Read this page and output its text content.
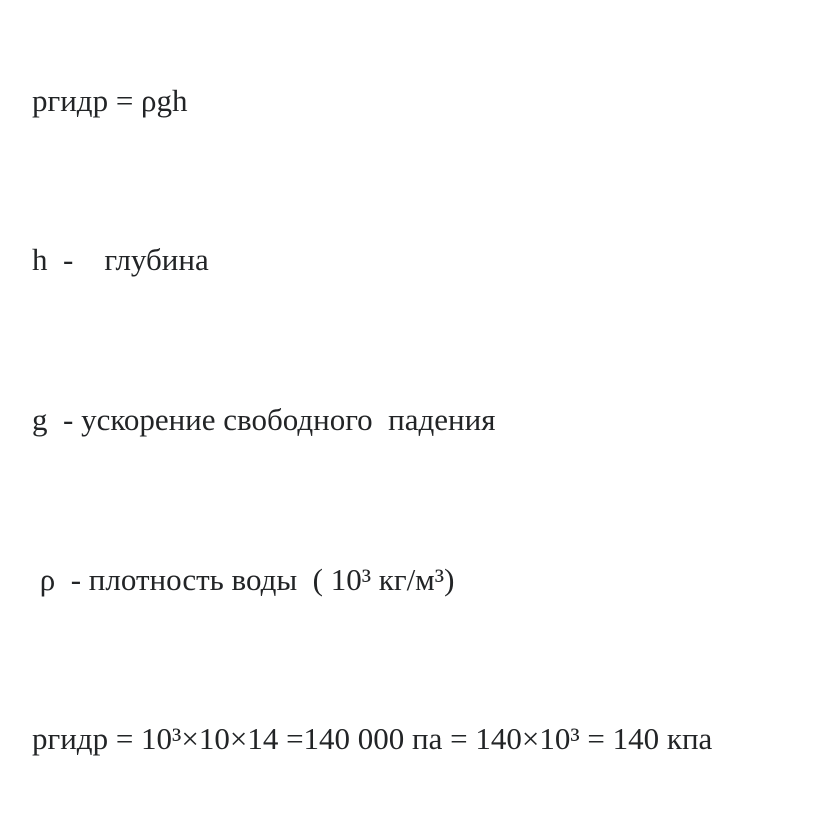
ргидр = ρgh

h  -    глубина

g  - ускорение свободного  падения

ρ  - плотность воды  ( 10³ кг/м³)

ргидр = 10³×10×14 =140 000 па = 140×10³ = 140 кпа
